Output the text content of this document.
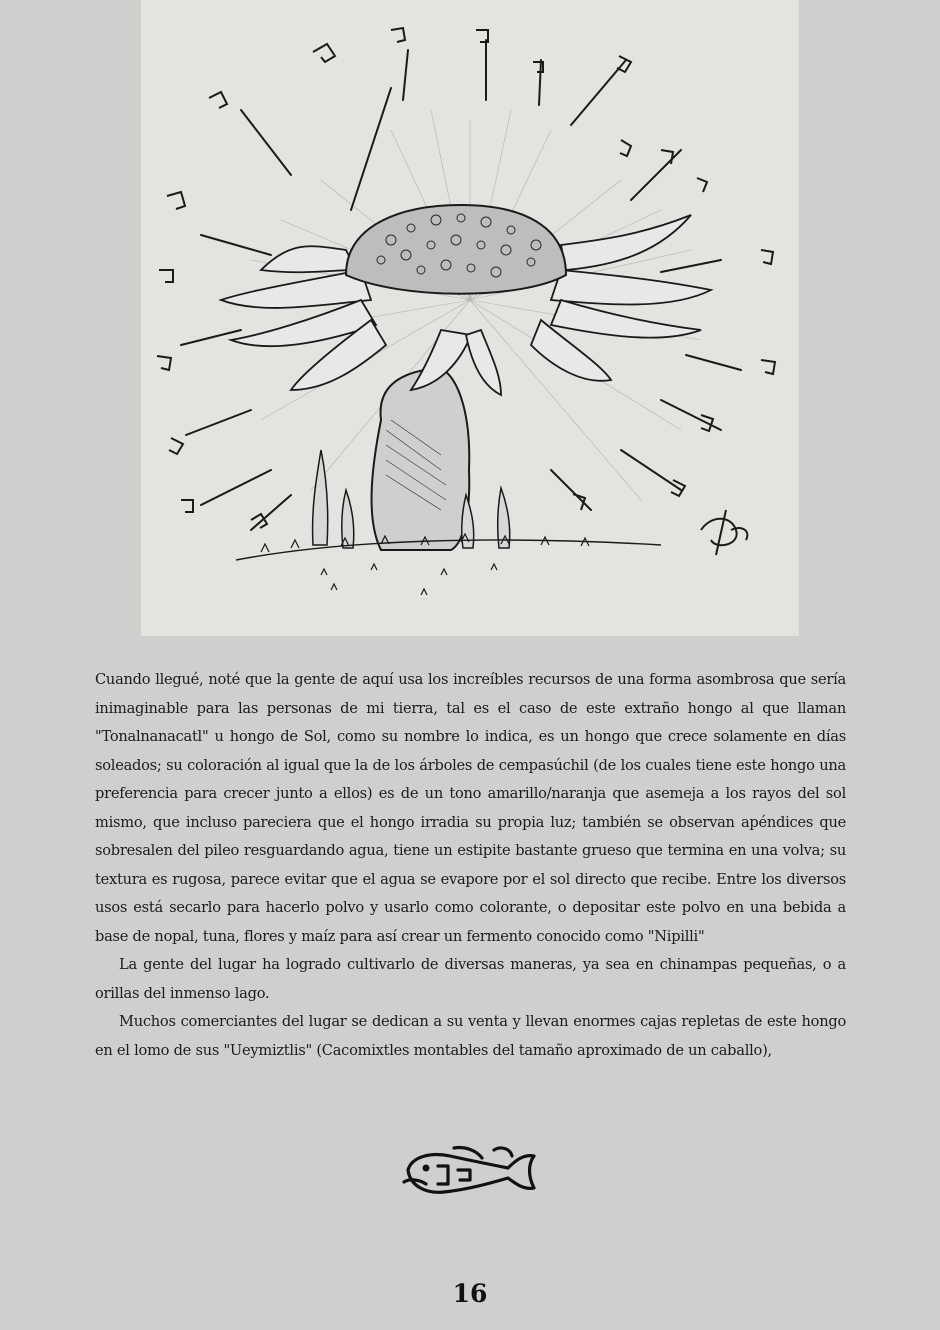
Cuando llegué, noté que la gente de aquí usa los increíbles recursos de una forma asombrosa que sería inimaginable para las personas de mi tierra, tal es el caso de este extraño hongo al que llaman "Tonalnanacatl" u hongo de Sol, como su nombre lo indica, es un hongo que crece solamente en días soleados; su coloración al igual que la de los árboles de cempasúchil (de los cuales tiene este hongo una preferencia para crecer junto a ellos) es de un tono amarillo/naranja que asemeja a los rayos del sol mismo, que incluso pareciera que el hongo irradia su propia luz; también se observan apéndices que sobresalen del pileo resguardando agua, tiene un estipite bastante grueso que termina en una volva; su textura es rugosa, parece evitar que el agua se evapore por el sol directo que recibe. Entre los diversos usos está secarlo para hacerlo polvo y usarlo como colorante, o depositar este polvo en una bebida a base de nopal, tuna, flores y maíz para así crear un fermento conocido como "Nipilli"

La gente del lugar ha logrado cultivarlo de diversas maneras, ya sea en chinampas pequeñas, o a orillas del inmenso lago.

Muchos comerciantes del lugar se dedican a su venta y llevan enormes cajas repletas de este hongo en el lomo de sus "Ueymiztlis" (Cacomixtles montables del tamaño aproximado de un caballo),

16
